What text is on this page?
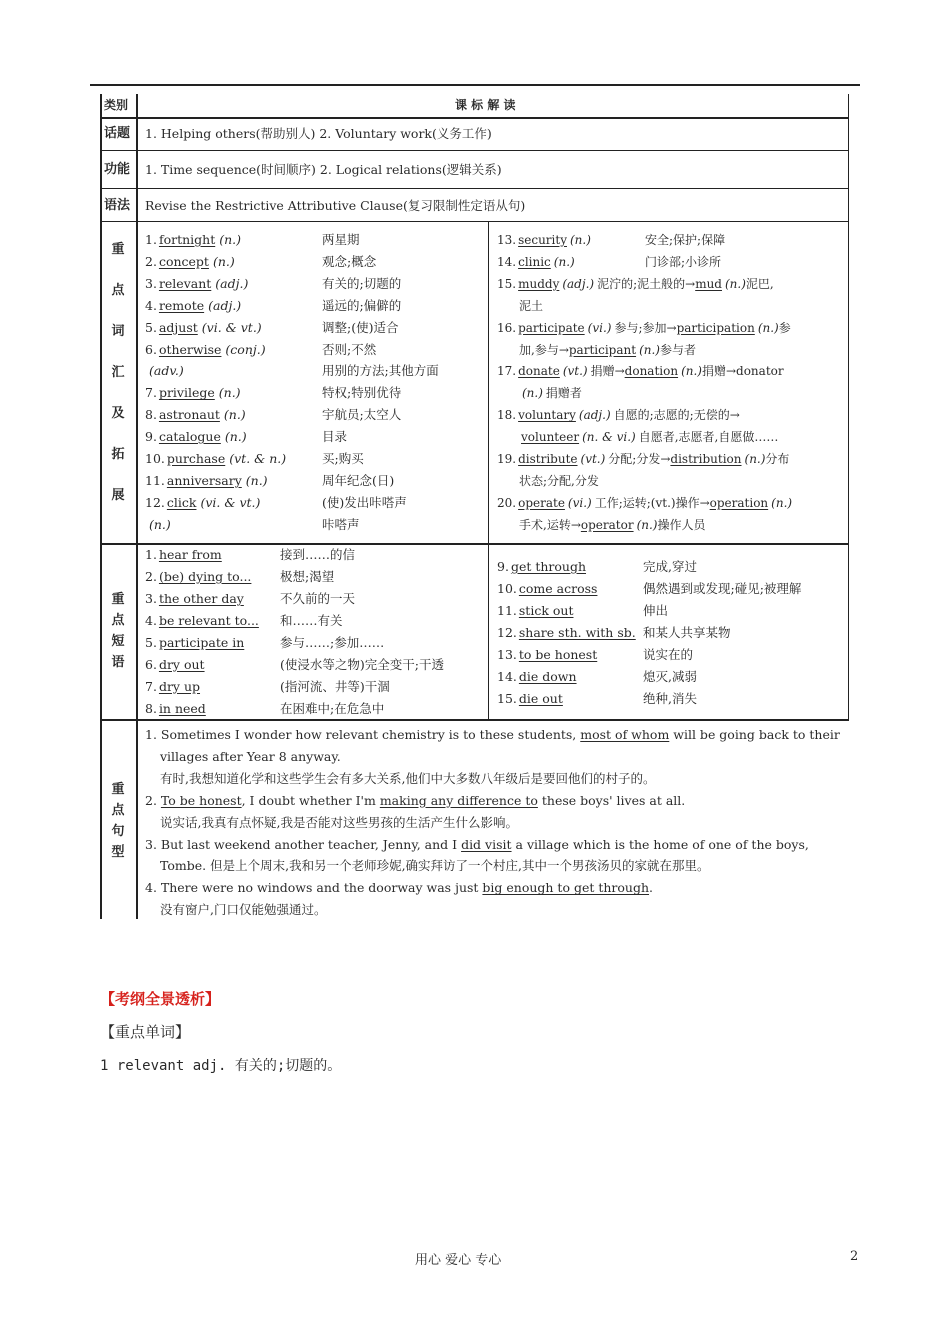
类别	课 标 解 读
话题 1. Helping others(帮助别人) 2. Voluntary work(义务工作)
功能 1. Time sequence(时间顺序) 2. Logical relations(逻辑关系)
语法 Revise the Restrictive Attributive Clause(复习限制性定语从句)
重
点
词
汇
及
拓
展
1. fortnight (n.)	两星期
2. concept (n.)	观念;概念
3. relevant (adj.)	有关的;切题的
4. remote (adj.)	遥远的;偏僻的
5. adjust (vi. & vt.)	调整;(使)适合
6. otherwise (conj.)	否则;不然
(adv.)	用别的方法;其他方面
7. privilege (n.)	特权;特别优待
8. astronaut (n.)	宇航员;太空人
9. catalogue (n.)	目录
10. purchase (vt. & n.)	买;购买
11. anniversary (n.)	周年纪念(日)
12. click (vi. & vt.)	(使)发出咔嗒声
(n.)	咔嗒声
13. security (n.)	安全;保护;保障
14. clinic (n.)	门诊部;小诊所
15. muddy (adj.) 泥泞的;泥土般的→mud (n.)泥巴,
泥土
16. participate (vi.) 参与;参加→participation (n.)参
加,参与→participant (n.)参与者
17. donate (vt.) 捐赠→donation (n.)捐赠→donator
(n.) 捐赠者
18. voluntary (adj.) 自愿的;志愿的;无偿的→
volunteer (n. & vi.) 自愿者,志愿者,自愿做……
19. distribute (vt.) 分配;分发→distribution (n.)分布
状态;分配,分发
20. operate (vi.) 工作;运转;(vt.)操作→operation (n.)
手术,运转→operator (n.)操作人员
重
点
短
语
1. hear from	接到……的信
2. (be) dying to... 极想;渴望
3. the other day	不久前的一天
4. be relevant to... 和……有关
5. participate in	参与……;参加……
6. dry out	(使浸水等之物)完全变干;干透
7. dry up	(指河流、井等)干涸
8. in need	在困难中;在危急中
9. get through	完成,穿过
10. come across	偶然遇到或发现;碰见;被理解
11. stick out	伸出
12. share sth. with sb. 和某人共享某物
13. to be honest	说实在的
14. die down	熄灭,减弱
15. die out	绝种,消失
重
点
句
型
1. Sometimes I wonder how relevant chemistry is to these students, most of whom will be going back to their
villages after Year 8 anyway.
有时,我想知道化学和这些学生会有多大关系,他们中大多数八年级后是要回他们的村子的。
2. To be honest, I doubt whether I'm making any difference to these boys' lives at all.
说实话,我真有点怀疑,我是否能对这些男孩的生活产生什么影响。
3. But last weekend another teacher, Jenny, and I did visit a village which is the home of one of the boys,
Tombe. 但是上个周末,我和另一个老师珍妮,确实拜访了一个村庄,其中一个男孩汤贝的家就在那里。
4. There were no windows and the doorway was just big enough to get through.
没有窗户,门口仅能勉强通过。
【考纲全景透析】
【重点单词】
1 relevant adj. 有关的;切题的。
用心 爱心 专心	2
